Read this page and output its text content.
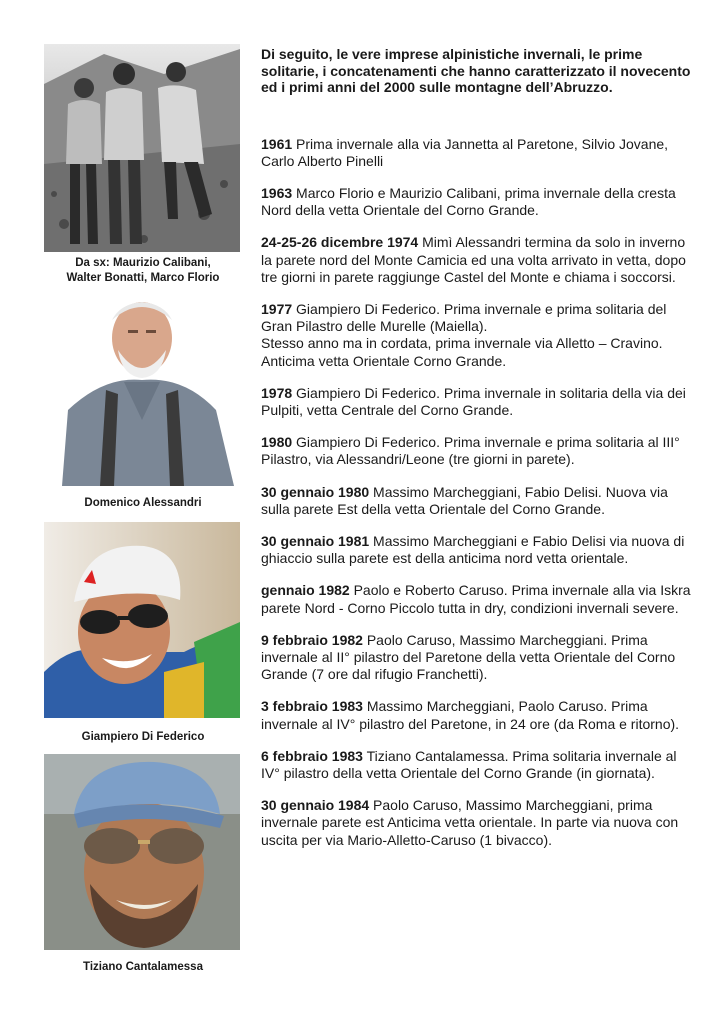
Da sx: Maurizio Calibani,
Walter Bonatti, Marco Florio
Domenico Alessandri
Giampiero Di Federico
Tiziano Cantalamessa

Di seguito, le vere imprese alpinistiche invernali, le prime solitarie, i concatenamenti che hanno caratterizzato il novecento ed i primi anni del 2000 sulle montagne dell’Abruzzo.

1961 Prima invernale alla via Jannetta al Paretone, Silvio Jovane, Carlo Alberto Pinelli

1963 Marco Florio e Maurizio Calibani, prima invernale della cresta Nord della vetta Orientale del Corno Grande.

24-25-26 dicembre 1974 Mimì Alessandri termina da solo in inverno la parete nord del Monte Camicia ed una volta arrivato in vetta, dopo tre giorni in parete raggiunge Castel del Monte e chiama i soccorsi.

1977 Giampiero Di Federico. Prima invernale e prima solitaria del Gran Pilastro delle Murelle (Maiella).
Stesso anno ma in cordata, prima invernale via Alletto – Cravino. Anticima vetta Orientale Corno Grande.

1978 Giampiero Di Federico. Prima invernale in solitaria della via dei Pulpiti, vetta Centrale del Corno Grande.

1980 Giampiero Di Federico. Prima invernale e prima solitaria al III° Pilastro, via Alessandri/Leone (tre giorni in parete).

30 gennaio 1980 Massimo Marcheggiani, Fabio Delisi. Nuova via sulla parete Est della vetta Orientale del Corno Grande.

30 gennaio 1981 Massimo Marcheggiani e Fabio Delisi via nuova di ghiaccio sulla parete est della anticima nord vetta orientale.

gennaio 1982 Paolo e Roberto Caruso. Prima invernale alla via Iskra parete Nord - Corno Piccolo tutta in dry, condizioni invernali severe.

9 febbraio 1982 Paolo Caruso, Massimo Marcheggiani. Prima invernale al II° pilastro del Paretone della vetta Orientale del Corno Grande (7 ore dal rifugio Franchetti).

3 febbraio 1983 Massimo Marcheggiani, Paolo Caruso. Prima invernale al IV° pilastro del Paretone, in 24 ore (da Roma e ritorno).

6 febbraio 1983 Tiziano Cantalamessa. Prima solitaria invernale al IV° pilastro della vetta Orientale del Corno Grande (in giornata).

30 gennaio 1984 Paolo Caruso, Massimo Marcheggiani, prima invernale parete est Anticima vetta orientale. In parte via nuova con uscita per via Mario-Alletto-Caruso (1 bivacco).
